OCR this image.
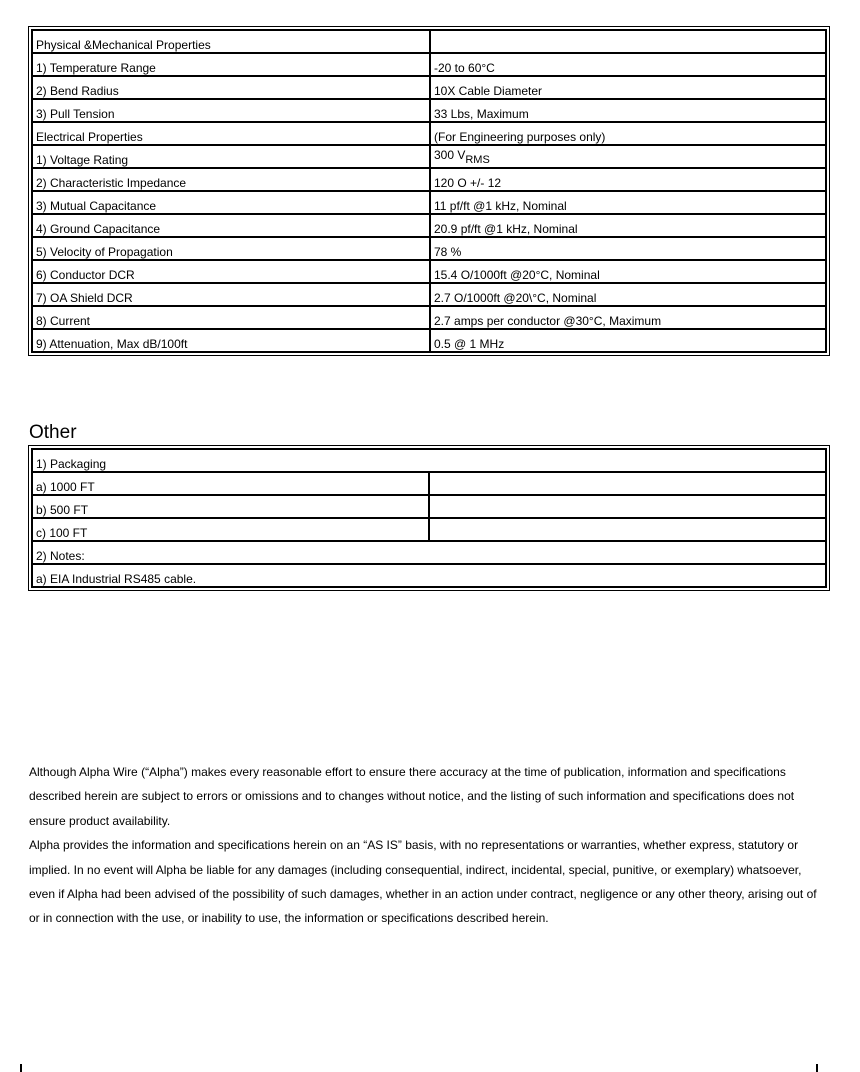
Physical &Mechanical Properties	
1) Temperature Range	-20 to 60°C
2) Bend Radius	10X Cable Diameter
3) Pull Tension	33 Lbs, Maximum
Electrical Properties	(For Engineering purposes only)
1) Voltage Rating	300 VRMS
2) Characteristic Impedance	120 O +/- 12
3) Mutual Capacitance	11 pf/ft @1 kHz, Nominal
4) Ground Capacitance	20.9 pf/ft @1 kHz, Nominal
5) Velocity of Propagation	78 %
6) Conductor DCR	15.4 O/1000ft @20°C, Nominal
7) OA Shield DCR	2.7 O/1000ft @20\°C, Nominal
8) Current	2.7 amps per conductor @30°C, Maximum
9) Attenuation, Max dB/100ft	0.5 @ 1 MHz
Other
1) Packaging	
a) 1000 FT	
b) 500 FT	
c) 100 FT	
2) Notes:	
a) EIA Industrial RS485 cable.	

Although Alpha Wire (“Alpha”) makes every reasonable effort to ensure there accuracy at the time of publication, information and specifications described herein are subject to errors or omissions and to changes without notice, and the listing of such information and specifications does not ensure product availability.

Alpha provides the information and specifications herein on an “AS IS” basis, with no representations or warranties, whether express, statutory or implied. In no event will Alpha be liable for any damages (including consequential, indirect, incidental, special, punitive, or exemplary) whatsoever, even if Alpha had been advised of the possibility of such damages, whether in an action under contract, negligence or any other theory, arising out of or in connection with the use, or inability to use, the information or specifications described herein.
